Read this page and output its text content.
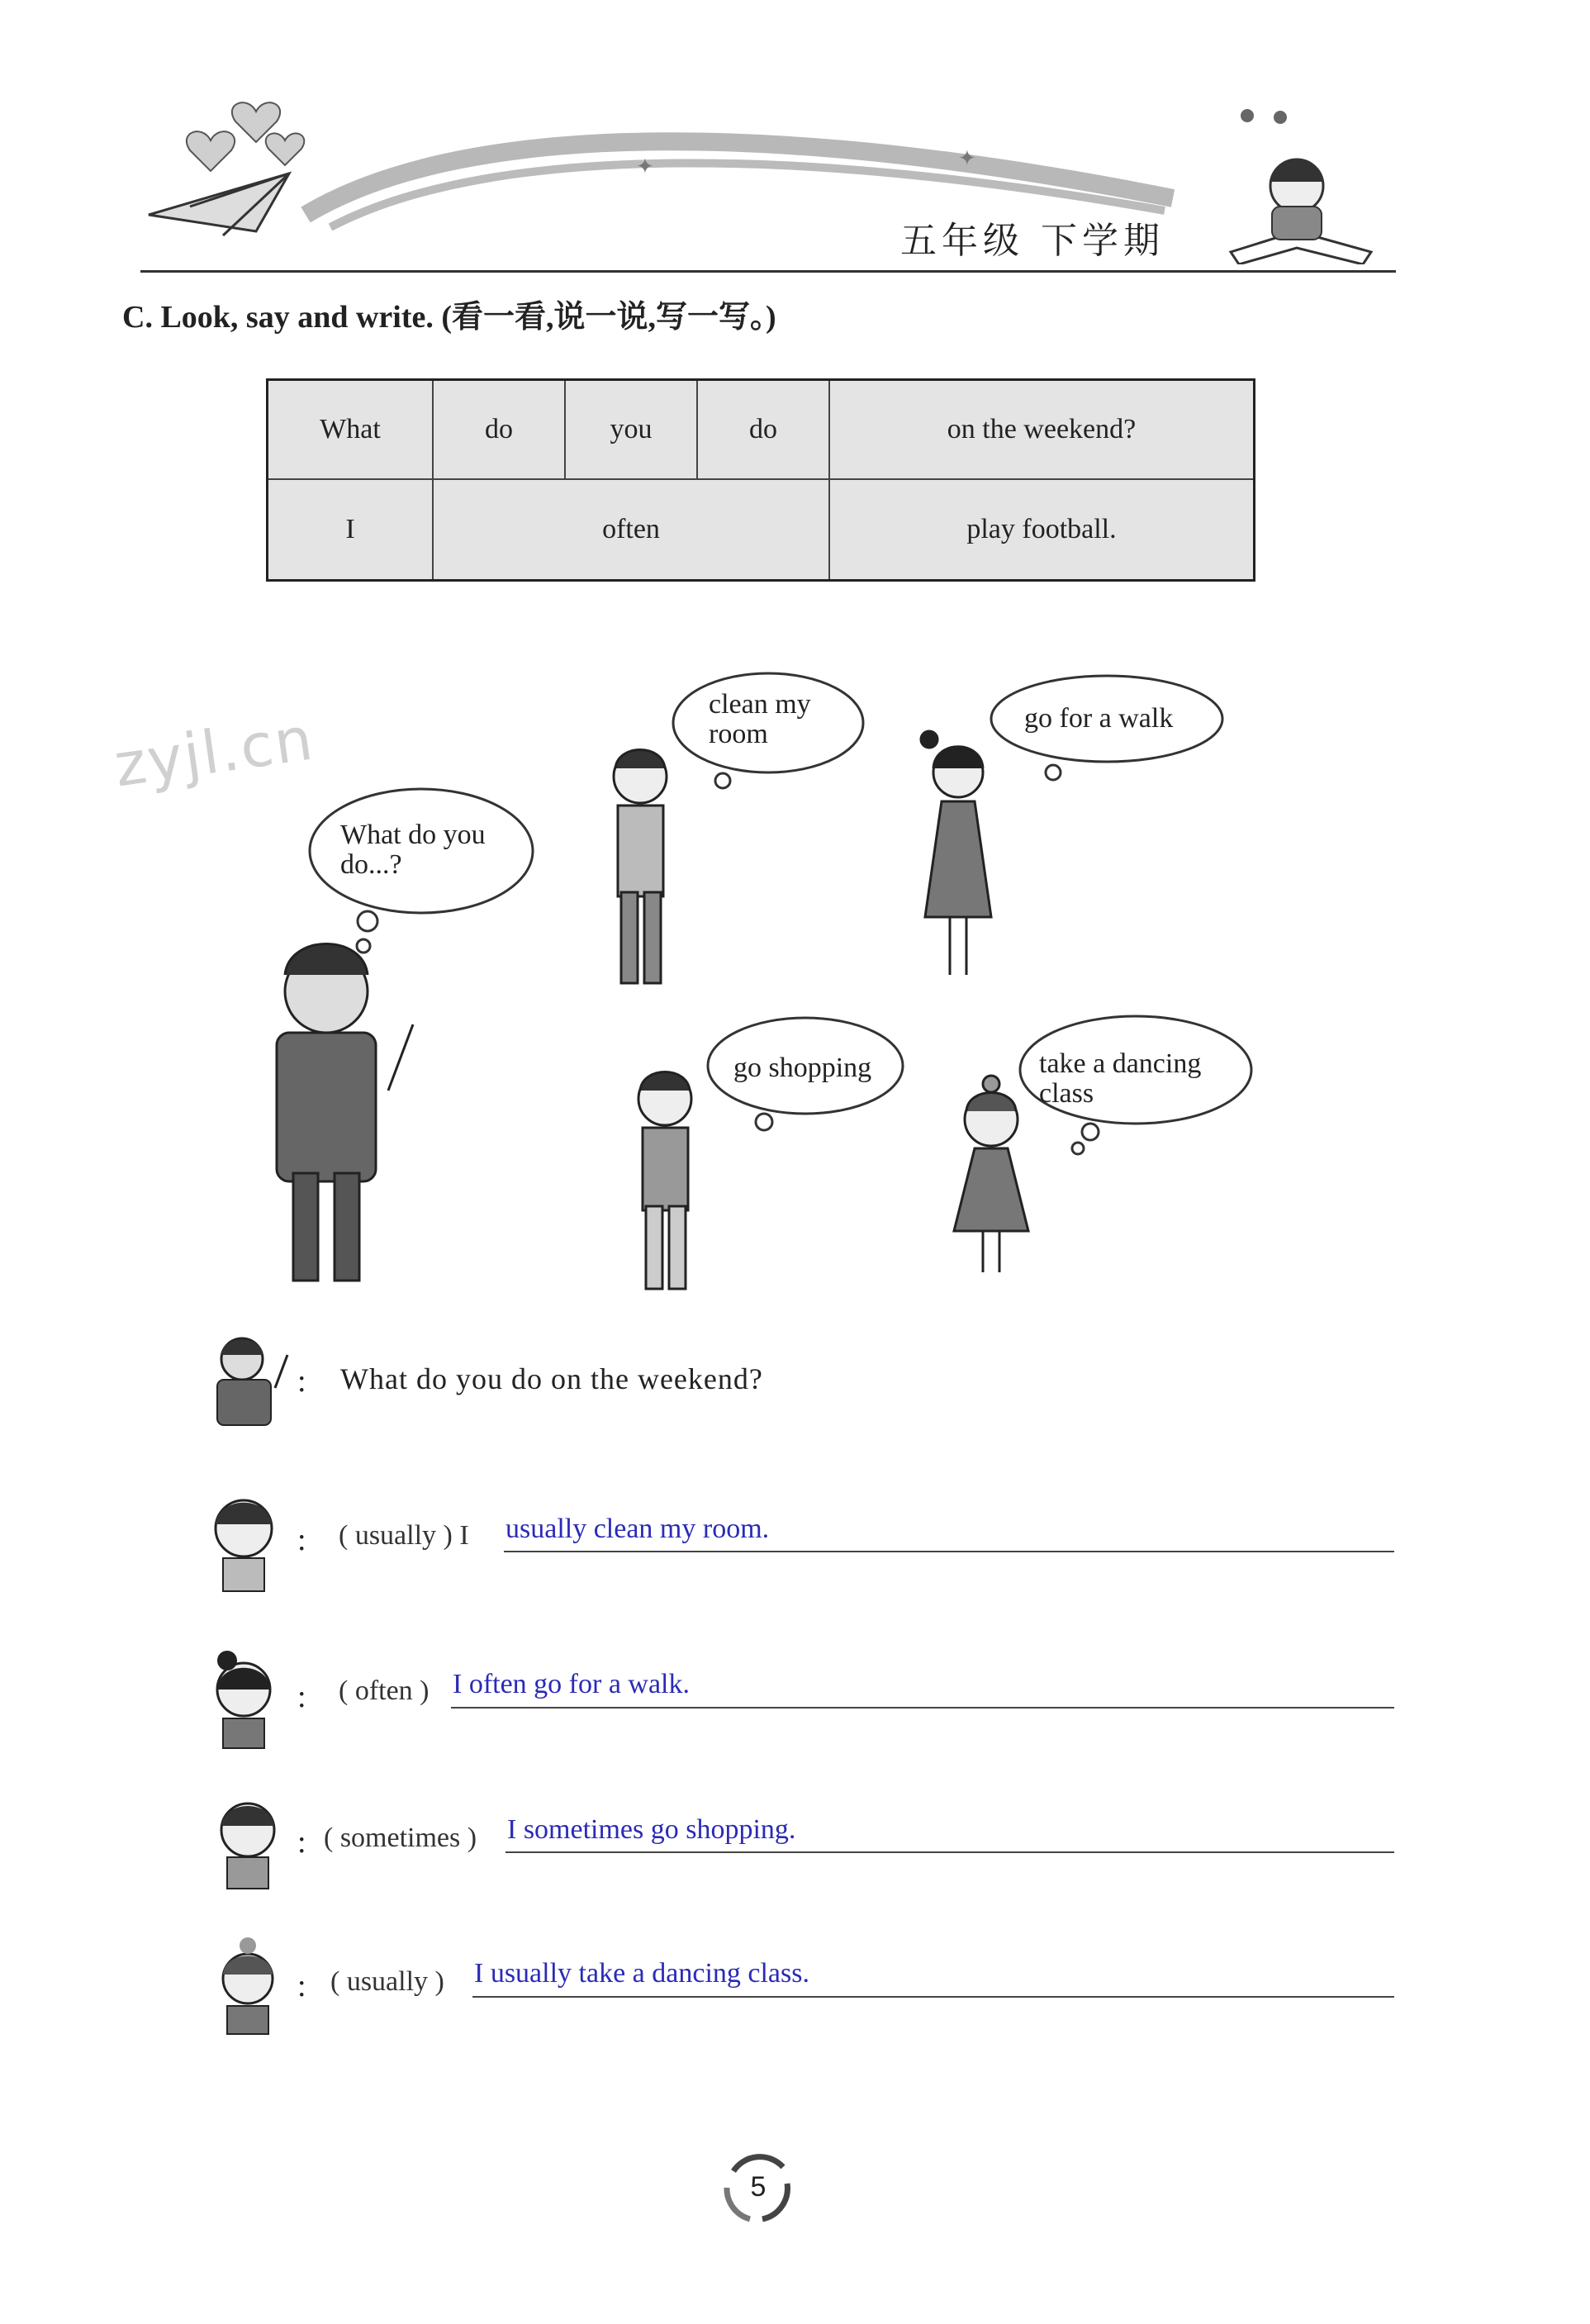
✦	✦
五年级 下学期
C. Look, say and write. (看一看,说一说,写一写。)
What	do	you	do	on the weekend?
I	often	play football.
zyjl.cn
What do you do...?
clean my room
go for a walk
go shopping	take a dancing class
: What do you do on the weekend?
: ( usually ) I usually clean my room.
: ( often ) I often go for a walk.
: ( sometimes ) I sometimes go shopping.
: ( usually ) I usually take a dancing class.
5
